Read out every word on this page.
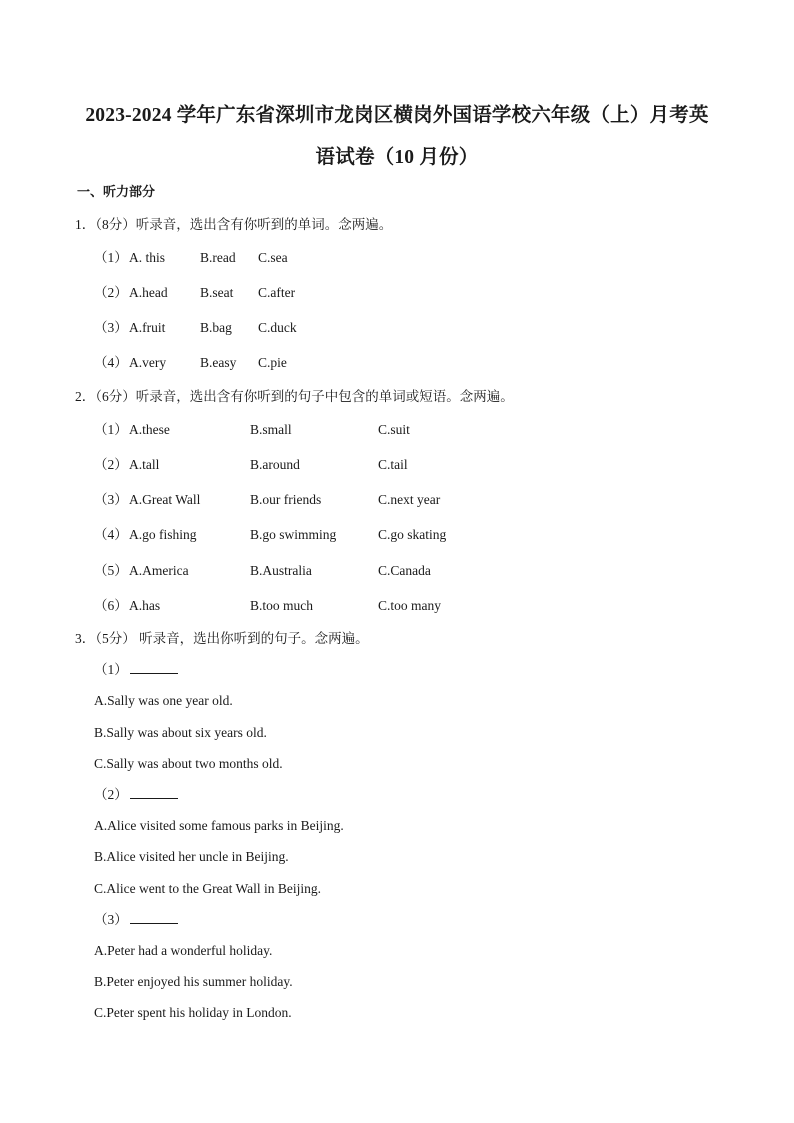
2023-2024 学年广东省深圳市龙岗区横岗外国语学校六年级（上）月考英
语试卷（10 月份）
一、听力部分
1．（8分）听录音，选出含有你听到的单词。念两遍。
（1） A. this	B.read C.sea
（2） A.head B.seat C.after
（3） A.fruit	B.bag C.duck
（4） A.very	B.easy C.pie
2．（6分）听录音，选出含有你听到的句子中包含的单词或短语。念两遍。
（1） A.these	B.small	C.suit
（2） A.tall	B.around	C.tail
（3） A.Great Wall	B.our friends	C.next year
（4） A.go fishing	B.go swimming	C.go skating
（5） A.America	B.Australia	C.Canada
（6） A.has	B.too much	C.too many
3．（5分） 听录音，选出你听到的句子。念两遍。
（1）
A.Sally was one year old.
B.Sally was about six years old.
C.Sally was about two months old.
（2）
A.Alice visited some famous parks in Beijing.
B.Alice visited her uncle in Beijing.
C.Alice went to the Great Wall in Beijing.
（3）
A.Peter had a wonderful holiday.
B.Peter enjoyed his summer holiday.
C.Peter spent his holiday in London.
